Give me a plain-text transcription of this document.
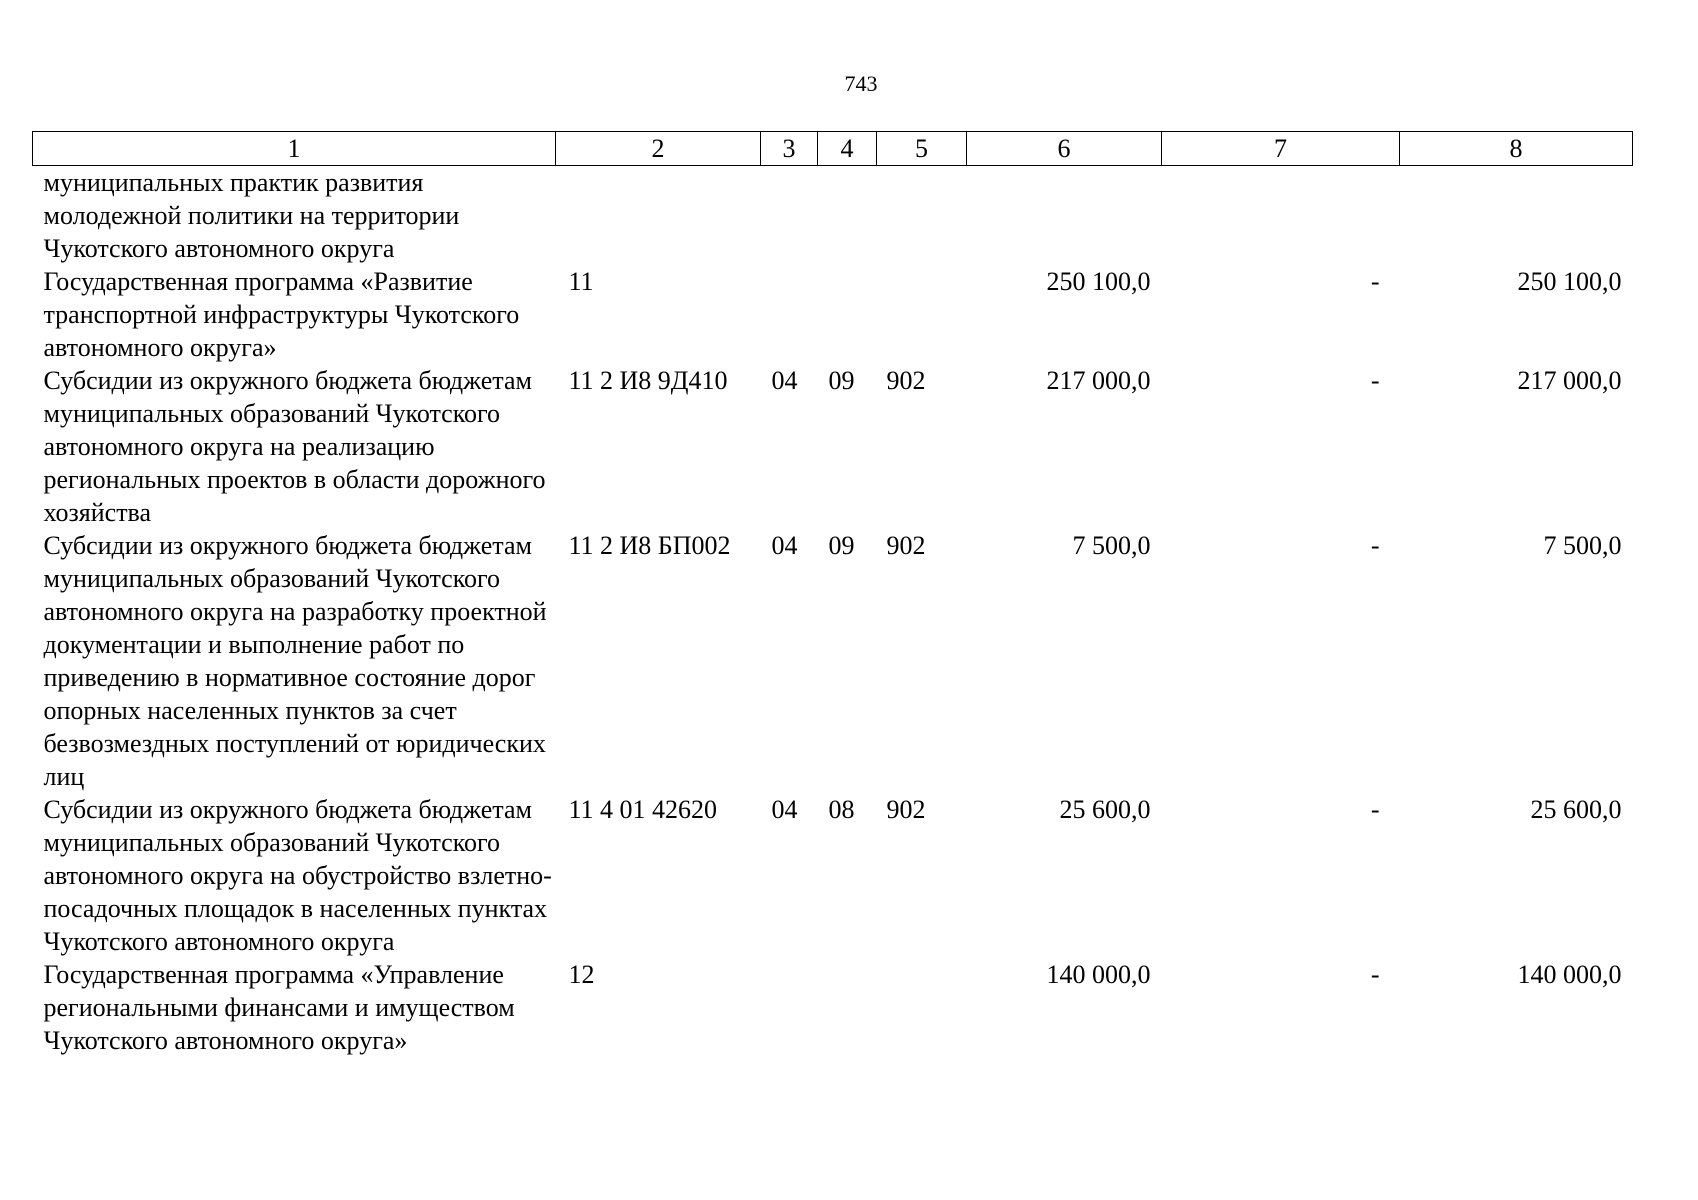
743
1	2	3	4	5	6	7	8
муниципальных практик развития молодежной политики на территории Чукотского автономного округа							
Государственная программа «Развитие транспортной инфраструктуры Чукотского автономного округа»	11				250 100,0	-	250 100,0
Субсидии из окружного бюджета бюджетам муниципальных образований Чукотского автономного округа на реализацию региональных проектов в области дорожного хозяйства	11 2 И8 9Д410	04	09	902	217 000,0	-	217 000,0
Субсидии из окружного бюджета бюджетам муниципальных образований Чукотского автономного округа на разработку проектной документации и выполнение работ по приведению в нормативное состояние дорог опорных населенных пунктов за счет безвозмездных поступлений от юридических лиц	11 2 И8 БП002	04	09	902	7 500,0	-	7 500,0
Субсидии из окружного бюджета бюджетам муниципальных образований Чукотского автономного округа на обустройство взлетно-посадочных площадок в населенных пунктах Чукотского автономного округа	11 4 01 42620	04	08	902	25 600,0	-	25 600,0
Государственная программа «Управление региональными финансами и имуществом Чукотского автономного округа»	12				140 000,0	-	140 000,0
